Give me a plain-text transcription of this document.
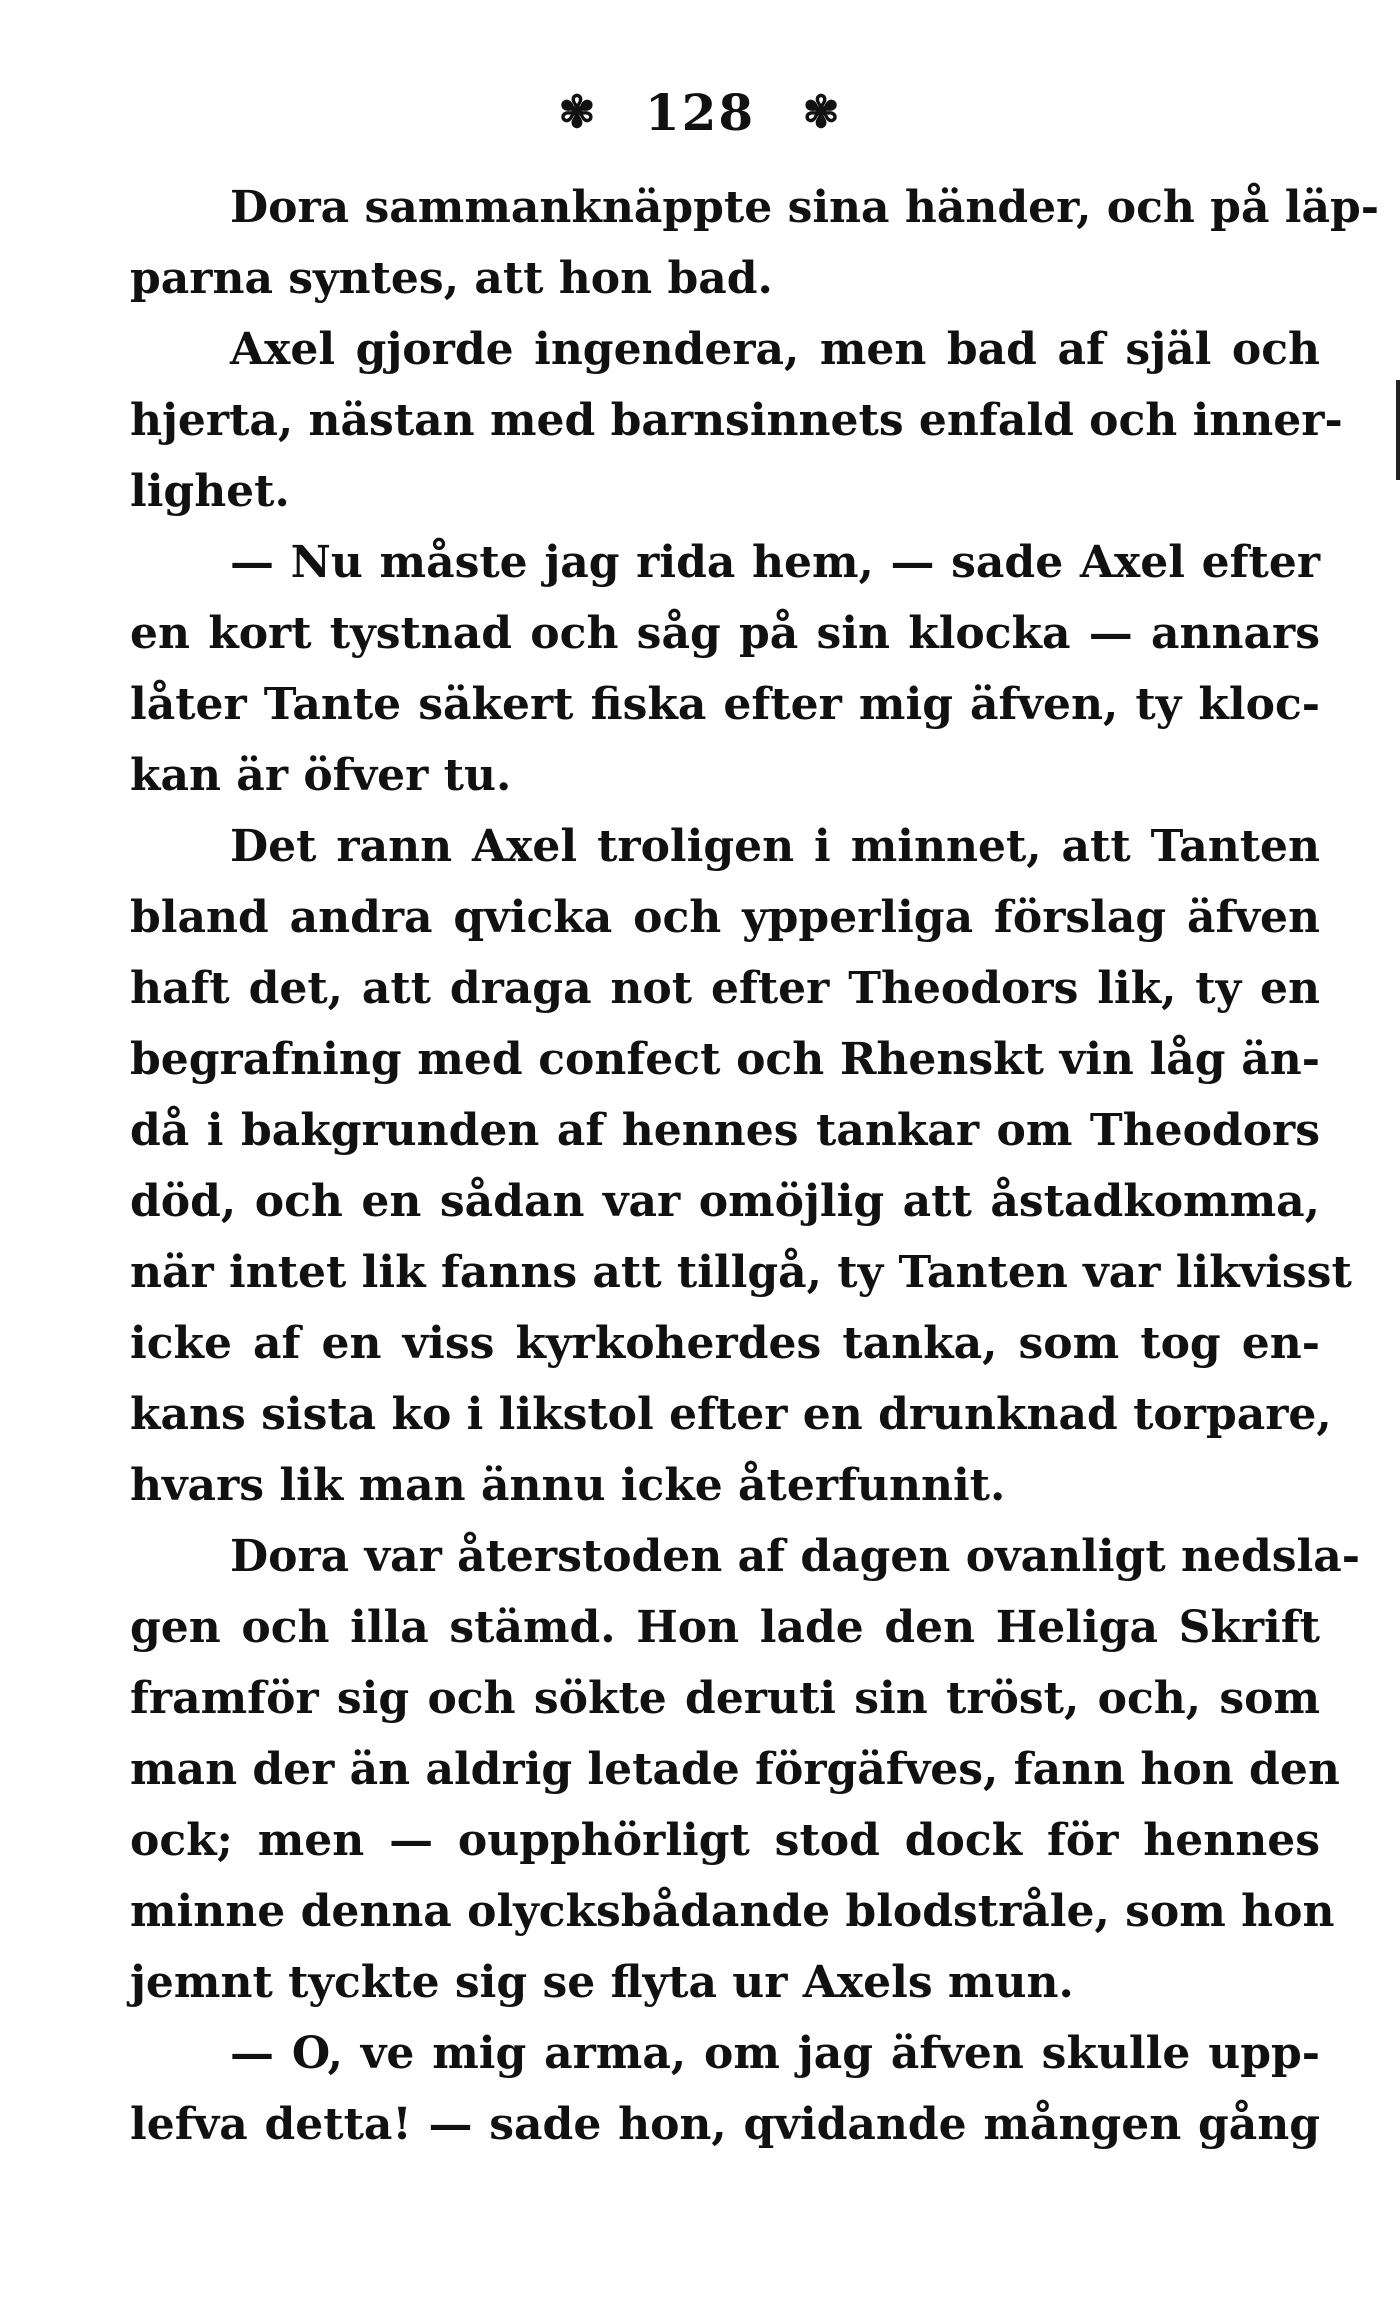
✾ 128 ✾
Dora sammanknäppte sina händer, och på läp-
parna syntes, att hon bad.
Axel gjorde ingendera, men bad af själ och
hjerta, nästan med barnsinnets enfald och inner-
lighet.
— Nu måste jag rida hem, — sade Axel efter
en kort tystnad och såg på sin klocka — annars
låter Tante säkert fiska efter mig äfven, ty kloc-
kan är öfver tu.
Det rann Axel troligen i minnet, att Tanten
bland andra qvicka och ypperliga förslag äfven
haft det, att draga not efter Theodors lik, ty en
begrafning med confect och Rhenskt vin låg än-
då i bakgrunden af hennes tankar om Theodors
död, och en sådan var omöjlig att åstadkomma,
när intet lik fanns att tillgå, ty Tanten var likvisst
icke af en viss kyrkoherdes tanka, som tog en-
kans sista ko i likstol efter en drunknad torpare,
hvars lik man ännu icke återfunnit.
Dora var återstoden af dagen ovanligt nedsla-
gen och illa stämd. Hon lade den Heliga Skrift
framför sig och sökte deruti sin tröst, och, som
man der än aldrig letade förgäfves, fann hon den
ock; men — oupphörligt stod dock för hennes
minne denna olycksbådande blodstråle, som hon
jemnt tyckte sig se flyta ur Axels mun.
— O, ve mig arma, om jag äfven skulle upp-
lefva detta! — sade hon, qvidande mången gång
